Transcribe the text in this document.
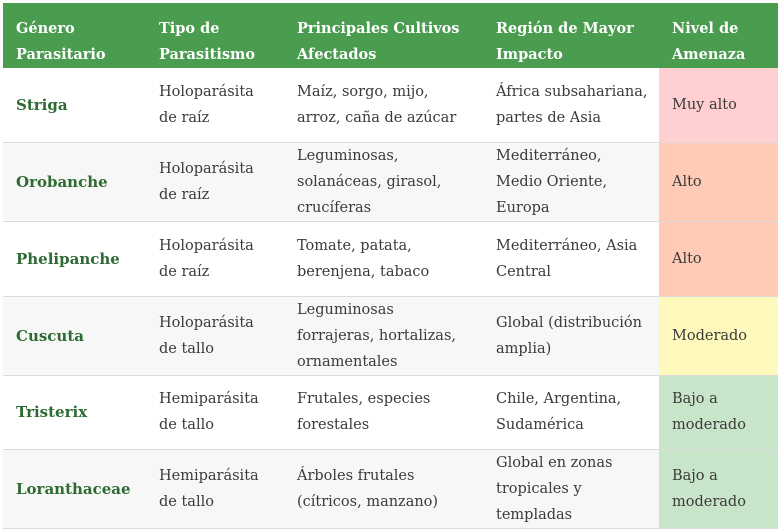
Género Parasitario	Tipo de Parasitismo	Principales Cultivos Afectados	Región de Mayor Impacto	Nivel de Amenaza
Striga	Holoparásita de raíz	Maíz, sorgo, mijo, arroz, caña de azúcar	África subsahariana, partes de Asia	Muy alto
Orobanche	Holoparásita de raíz	Leguminosas, solanáceas, girasol, crucíferas	Mediterráneo, Medio Oriente, Europa	Alto
Phelipanche	Holoparásita de raíz	Tomate, patata, berenjena, tabaco	Mediterráneo, Asia Central	Alto
Cuscuta	Holoparásita de tallo	Leguminosas forrajeras, hortalizas, ornamentales	Global (distribución amplia)	Moderado
Tristerix	Hemiparásita de tallo	Frutales, especies forestales	Chile, Argentina, Sudamérica	Bajo a moderado
Loranthaceae	Hemiparásita de tallo	Árboles frutales (cítricos, manzano)	Global en zonas tropicales y templadas	Bajo a moderado
